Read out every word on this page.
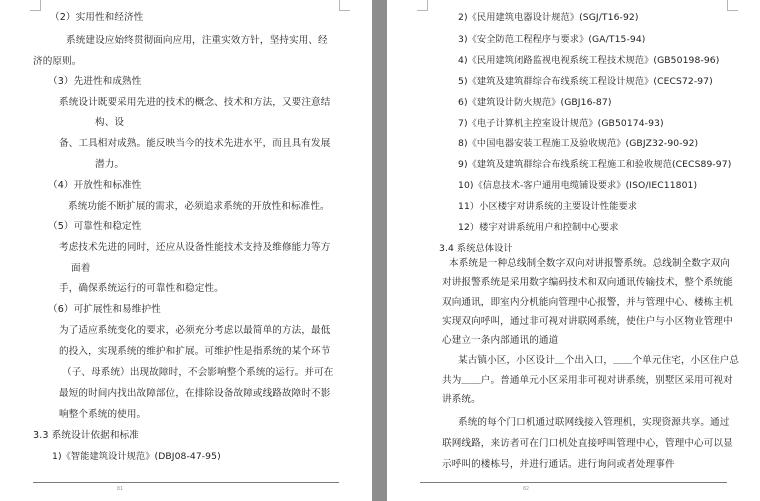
（2）实用性和经济性
系统建设应始终贯彻面向应用，注重实效方针，坚持实用、经
济的原则。
（3）先进性和成熟性
系统设计既要采用先进的技术的概念、技术和方法，又要注意结
构、设
备、工具相对成熟。能反映当今的技术先进水平，而且具有发展
潜力。
（4）开放性和标准性
系统功能不断扩展的需求，必须追求系统的开放性和标准性。
（5）可靠性和稳定性
考虑技术先进的同时，还应从设备性能技术支持及维修能力等方
面着
手，确保系统运行的可靠性和稳定性。
（6）可扩展性和易维护性
为了适应系统变化的要求，必须充分考虑以最简单的方法，最低
的投入，实现系统的维护和扩展。可维护性是指系统的某个环节
（子、母系统）出现故障时，不会影响整个系统的运行。并可在
最短的时间内找出故障部位，在排除设备故障或线路故障时不影
响整个系统的使用。
3.3 系统设计依据和标准
1)《智能建筑设计规范》(DBJ08-47-95)
81
2)《民用建筑电器设计规范》(SGJ/T16-92)
3)《安全防范工程程序与要求》(GA/T15-94)
4)《民用建筑闭路监视电视系统工程技术规范》(GB50198-96)
5)《建筑及建筑群综合布线系统工程设计规范》(CECS72-97)
6)《建筑设计防火规范》(GBJ16-87)
7)《电子计算机主控室设计规范》(GB50174-93)
8)《中国电器安装工程施工及验收规范》(GBJZ32-90-92)
9)《建筑及建筑群综合布线系统工程施工和验收规范(CECS89-97)
10)《信息技术-客户通用电缆铺设要求》(ISO/IEC11801)
11）小区楼宇对讲系统的主要设计性能要求
12）楼宇对讲系统用户和控制中心要求
3.4 系统总体设计
本系统是一种总线制全数字双向对讲报警系统。总线制全数字双向
对讲报警系统是采用数字编码技术和双向通讯传输技术，整个系统能
双向通讯，即室内分机能向管理中心报警，并与管理中心、楼栋主机
实现双向呼叫，通过非可视对讲联网系统，使住户与小区物业管理中
心建立一条内部通讯的通道
某古镇小区，小区设计＿个出入口，＿＿个单元住宅，小区住户总
共为＿＿户。普通单元小区采用非可视对讲系统，别墅区采用可视对
讲系统。
系统的每个门口机通过联网线接入管理机，实现资源共享。通过
联网线路，来访者可在门口机处直接呼叫管理中心，管理中心可以显
示呼叫的楼栋号，并进行通话。进行询问或者处理事件
82
